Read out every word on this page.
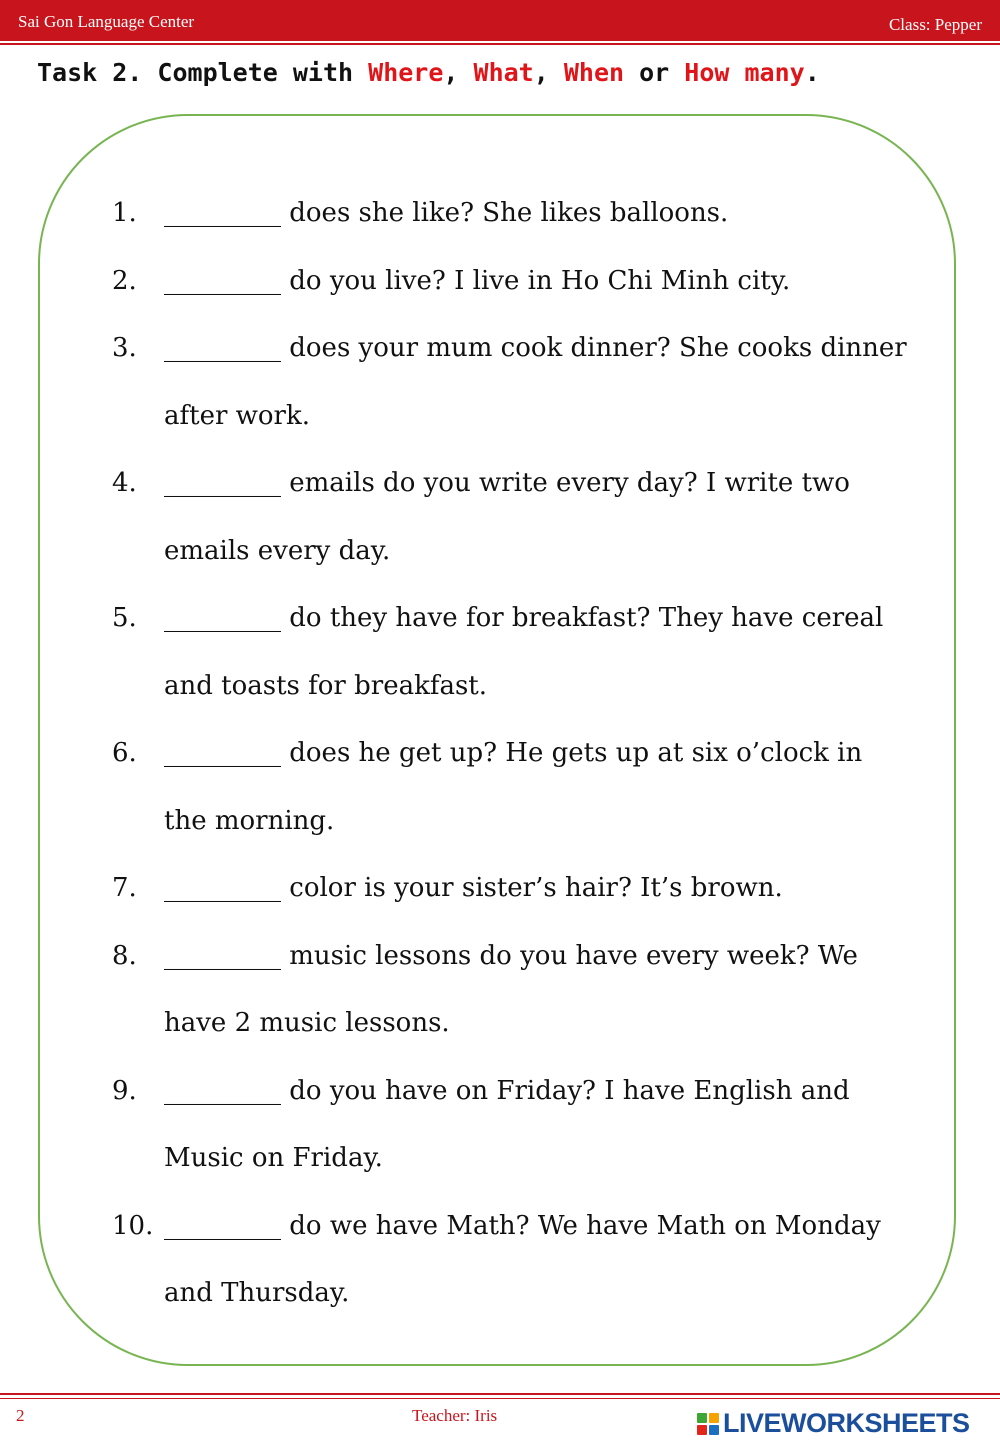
Sai Gon Language Center	Class: Pepper
Task 2. Complete with Where, What, When or How many.
1.	_________ does she like? She likes balloons.
2.	_________ do you live? I live in Ho Chi Minh city.
3.	_________ does your mum cook dinner? She cooks dinner after work.
4.	_________ emails do you write every day? I write two emails every day.
5.	_________ do they have for breakfast? They have cereal and toasts for breakfast.
6.	_________ does he get up? He gets up at six o’clock in the morning.
7.	_________ color is your sister’s hair? It’s brown.
8.	_________ music lessons do you have every week? We have 2 music lessons.
9.	_________ do you have on Friday? I have English and Music on Friday.
10. _________ do we have Math? We have Math on Monday and Thursday.
2	Teacher: Iris	LIVEWORKSHEETS
